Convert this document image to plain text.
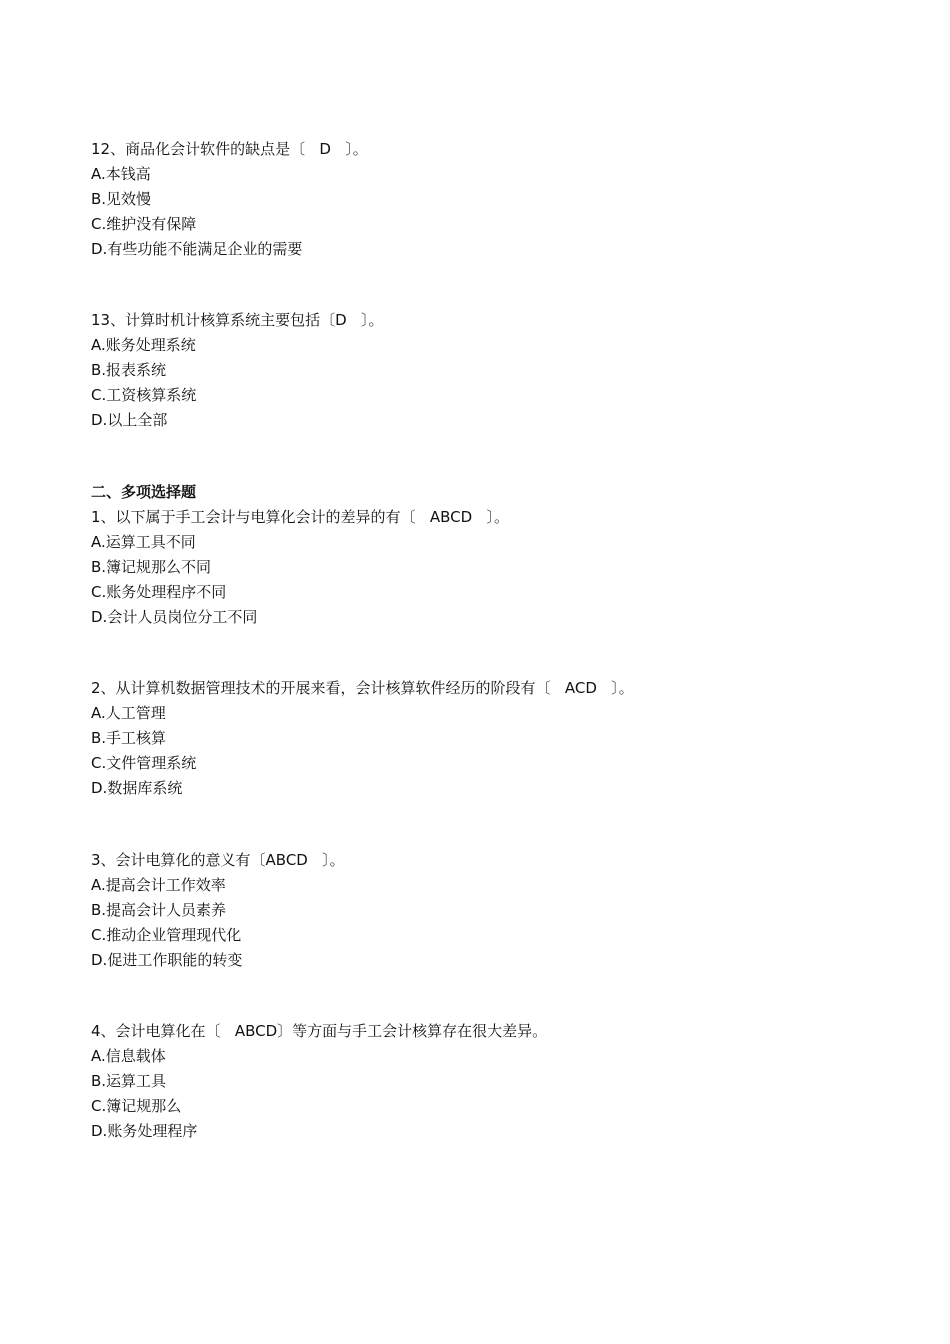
12、商品化会计软件的缺点是〔   D   〕。
A.本钱高
B.见效慢
C.维护没有保障
D.有些功能不能满足企业的需要
13、计算时机计核算系统主要包括〔D   〕。
A.账务处理系统
B.报表系统
C.工资核算系统
D.以上全部
二、多项选择题
1、以下属于手工会计与电算化会计的差异的有〔   ABCD   〕。
A.运算工具不同
B.簿记规那么不同
C.账务处理程序不同
D.会计人员岗位分工不同
2、从计算机数据管理技术的开展来看，会计核算软件经历的阶段有〔   ACD   〕。
A.人工管理
B.手工核算
C.文件管理系统
D.数据库系统
3、会计电算化的意义有〔ABCD   〕。
A.提高会计工作效率
B.提高会计人员素养
C.推动企业管理现代化
D.促进工作职能的转变
4、会计电算化在〔   ABCD〕等方面与手工会计核算存在很大差异。
A.信息载体
B.运算工具
C.簿记规那么
D.账务处理程序
